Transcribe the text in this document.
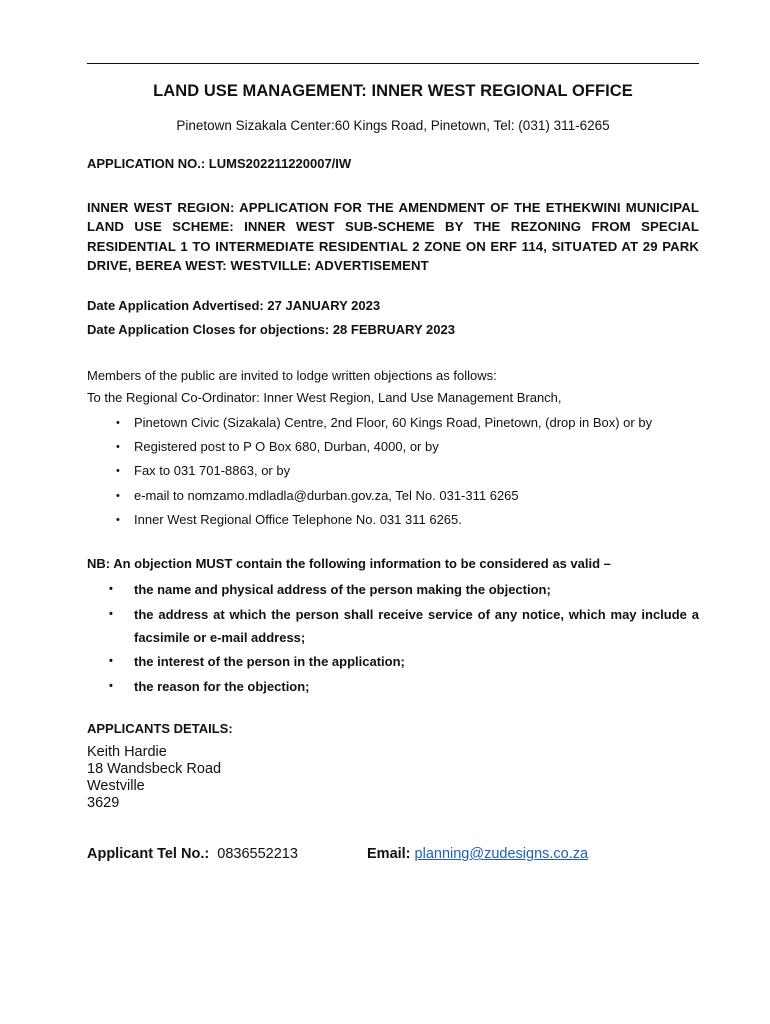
LAND USE MANAGEMENT: INNER WEST REGIONAL OFFICE
Pinetown Sizakala Center:60 Kings Road, Pinetown, Tel: (031) 311-6265
APPLICATION NO.: LUMS202211220007/IW
INNER WEST REGION: APPLICATION FOR THE AMENDMENT OF THE ETHEKWINI MUNICIPAL LAND USE SCHEME: INNER WEST SUB-SCHEME BY THE REZONING FROM SPECIAL RESIDENTIAL 1 TO INTERMEDIATE RESIDENTIAL 2 ZONE ON ERF 114, SITUATED AT 29 PARK DRIVE, BEREA WEST: WESTVILLE: ADVERTISEMENT
Date Application Advertised: 27 JANUARY 2023
Date Application Closes for objections: 28 FEBRUARY 2023
Members of the public are invited to lodge written objections as follows:
To the Regional Co-Ordinator: Inner West Region, Land Use Management Branch,
• Pinetown Civic (Sizakala) Centre, 2nd Floor, 60 Kings Road, Pinetown, (drop in Box) or by
• Registered post to P O Box 680, Durban, 4000, or by
• Fax to 031 701-8863, or by
• e-mail to nomzamo.mdladla@durban.gov.za, Tel No. 031-311 6265
• Inner West Regional Office Telephone No. 031 311 6265.
NB: An objection MUST contain the following information to be considered as valid –
• the name and physical address of the person making the objection;
• the address at which the person shall receive service of any notice, which may include a facsimile or e-mail address;
• the interest of the person in the application;
• the reason for the objection;
APPLICANTS DETAILS:
Keith Hardie
18 Wandsbeck Road
Westville
3629
Applicant Tel No.: 0836552213	Email: planning@zudesigns.co.za
